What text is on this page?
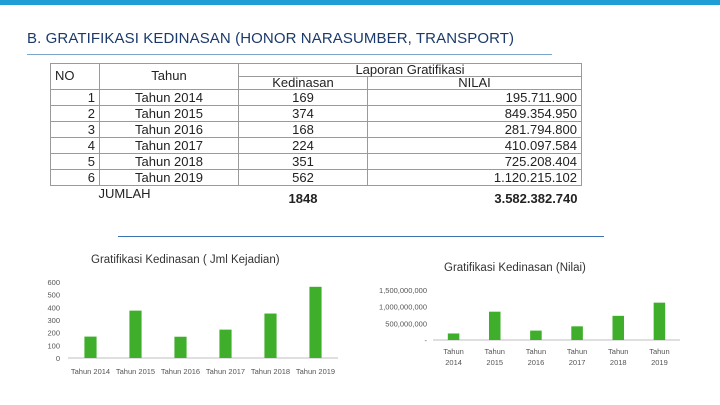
B. GRATIFIKASI KEDINASAN (HONOR NARASUMBER, TRANSPORT)
NO	Tahun	Laporan Gratifikasi	
		Kedinasan	NILAI
1	Tahun 2014	169	195.711.900
2	Tahun 2015	374	849.354.950
3	Tahun 2016	168	281.794.800
4	Tahun 2017	224	410.097.584
5	Tahun 2018	351	725.208.404
6	Tahun 2019	562	1.120.215.102
JUMLAH		1848	3.582.382.740
Gratifikasi Kedinasan ( Jml Kejadian)
Gratifikasi Kedinasan (Nilai)
0
100
200
300
400
500
600
Tahun 2014 Tahun 2015 Tahun 2016 Tahun 2017 Tahun 2018 Tahun 2019
-
500,000,000
1,000,000,000
1,500,000,000
Tahun 2014
Tahun 2015
Tahun 2016
Tahun 2017
Tahun 2018
Tahun 2019
